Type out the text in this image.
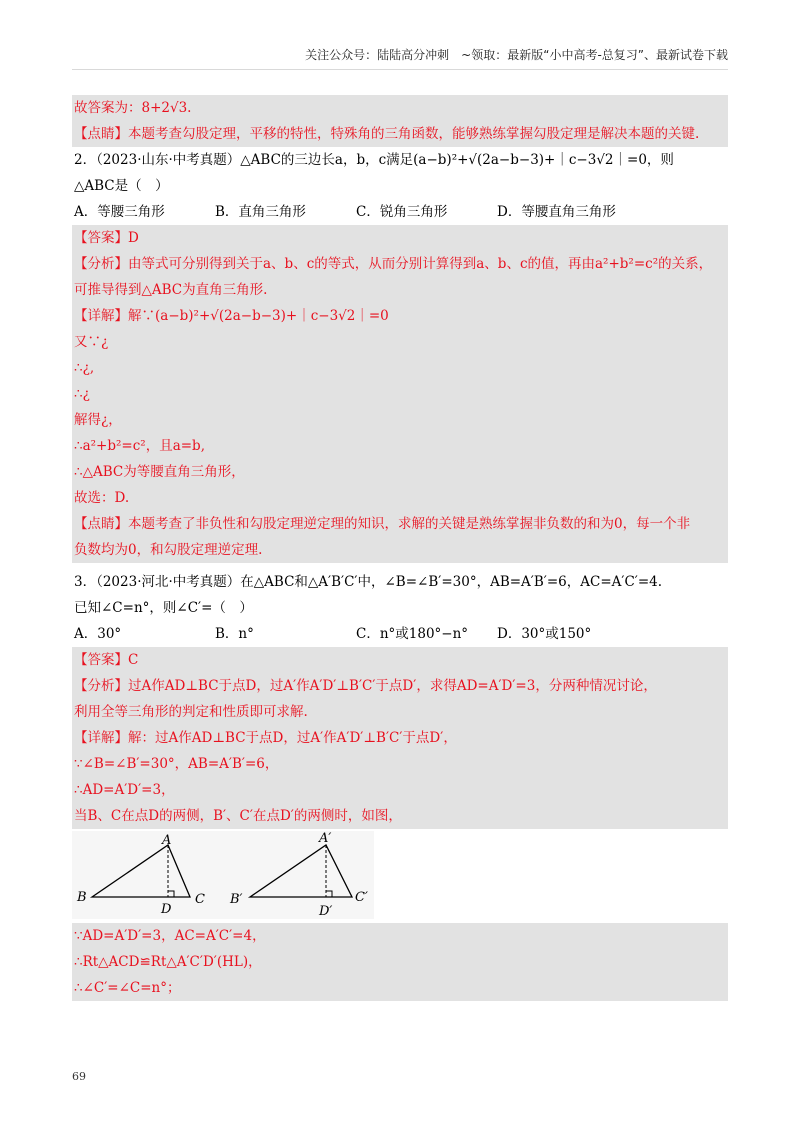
关注公众号：陆陆高分冲刺　~领取：最新版“小中高考-总复习”、最新试卷下载
故答案为：8+2√3.
【点睛】本题考查勾股定理，平移的特性，特殊角的三角函数，能够熟练掌握勾股定理是解决本题的关键.
2．（2023·山东·中考真题）△ABC的三边长a，b，c满足(a−b)²+√(2a−b−3)+｜c−3√2｜=0，则
△ABC是（　）
A．等腰三角形	B．直角三角形	C．锐角三角形	D．等腰直角三角形
【答案】D
【分析】由等式可分别得到关于a、b、c的等式，从而分别计算得到a、b、c的值，再由a²+b²=c²的关系，
可推导得到△ABC为直角三角形.
【详解】解∵(a−b)²+√(2a−b−3)+｜c−3√2｜=0
又∵¿
∴¿,
∴¿
解得¿，
∴a²+b²=c²，且a=b,
∴△ABC为等腰直角三角形，
故选：D.
【点睛】本题考查了非负性和勾股定理逆定理的知识，求解的关键是熟练掌握非负数的和为0，每一个非
负数均为0，和勾股定理逆定理.
3．（2023·河北·中考真题）在△ABC和△A′B′C′中，∠B=∠B′=30°，AB=A′B′=6，AC=A′C′=4.
已知∠C=n°，则∠C′=（　）
A．30°	B．n°	C．n°或180°−n°	D．30°或150°
【答案】C
【分析】过A作AD⊥BC于点D，过A′作A′D′⊥B′C′于点D′，求得AD=A′D′=3，分两种情况讨论，
利用全等三角形的判定和性质即可求解.
【详解】解：过A作AD⊥BC于点D，过A′作A′D′⊥B′C′于点D′，
∵∠B=∠B′=30°，AB=A′B′=6，
∴AD=A′D′=3，
当B、C在点D的两侧，B′、C′在点D′的两侧时，如图，
A
B	C
D
A′
B′	C′
D′
∵AD=A′D′=3，AC=A′C′=4，
∴Rt△ACD≌Rt△A′C′D′(HL)，
∴∠C′=∠C=n°；
69
